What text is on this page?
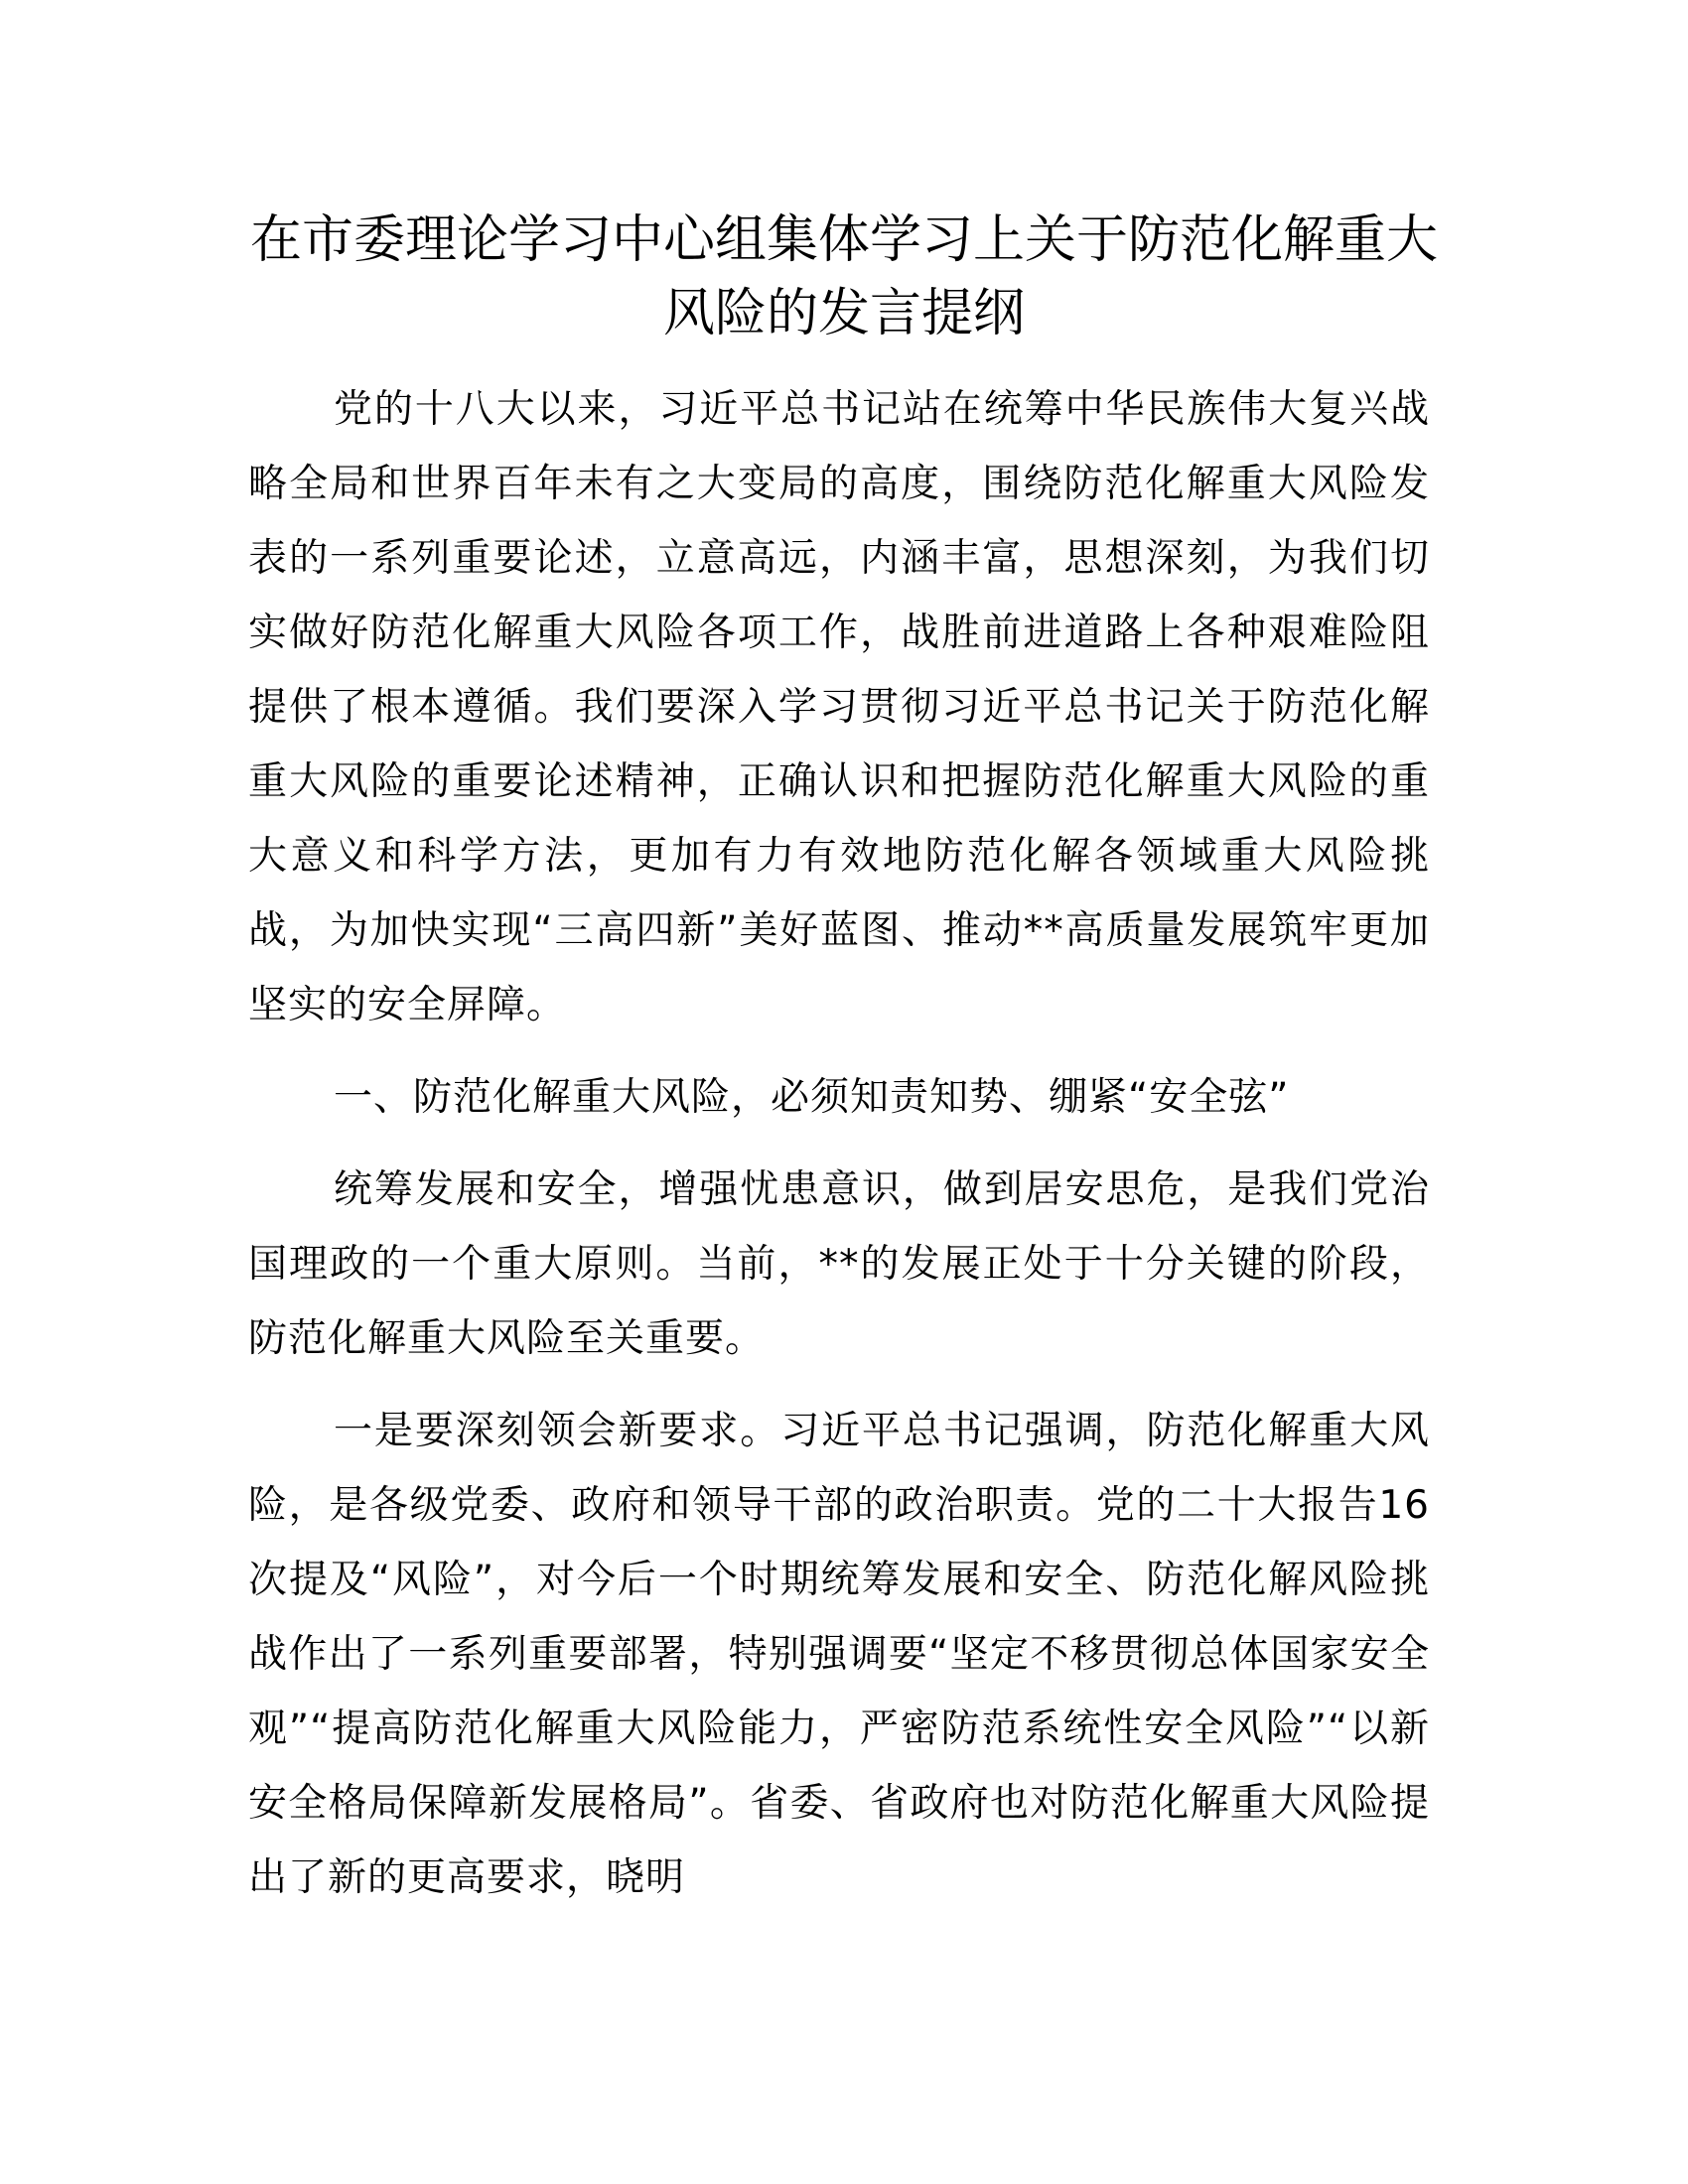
在市委理论学习中心组集体学习上关于防范化解重大风险的发言提纲

党的十八大以来，习近平总书记站在统筹中华民族伟大复兴战略全局和世界百年未有之大变局的高度，围绕防范化解重大风险发表的一系列重要论述，立意高远，内涵丰富，思想深刻，为我们切实做好防范化解重大风险各项工作，战胜前进道路上各种艰难险阻提供了根本遵循。我们要深入学习贯彻习近平总书记关于防范化解重大风险的重要论述精神，正确认识和把握防范化解重大风险的重大意义和科学方法，更加有力有效地防范化解各领域重大风险挑战，为加快实现“三高四新”美好蓝图、推动**高质量发展筑牢更加坚实的安全屏障。

一、防范化解重大风险，必须知责知势、绷紧“安全弦”

统筹发展和安全，增强忧患意识，做到居安思危，是我们党治国理政的一个重大原则。当前，**的发展正处于十分关键的阶段，防范化解重大风险至关重要。

一是要深刻领会新要求。习近平总书记强调，防范化解重大风险，是各级党委、政府和领导干部的政治职责。党的二十大报告16次提及“风险”，对今后一个时期统筹发展和安全、防范化解风险挑战作出了一系列重要部署，特别强调要“坚定不移贯彻总体国家安全观”“提高防范化解重大风险能力，严密防范系统性安全风险”“以新安全格局保障新发展格局”。省委、省政府也对防范化解重大风险提出了新的更高要求，晓明
